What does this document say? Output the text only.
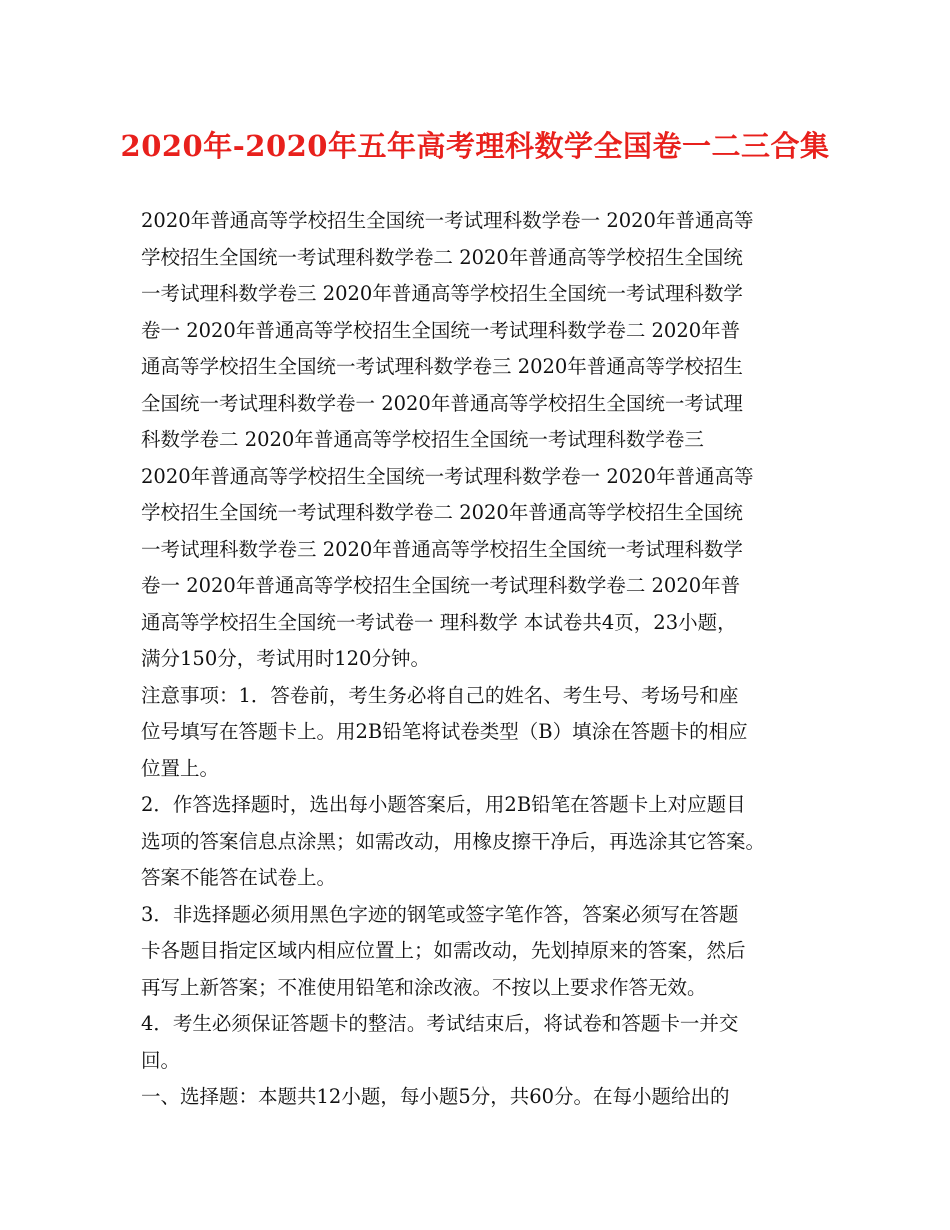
2020年-2020年五年高考理科数学全国卷一二三合集
2020年普通高等学校招生全国统一考试理科数学卷一 2020年普通高等
学校招生全国统一考试理科数学卷二 2020年普通高等学校招生全国统
一考试理科数学卷三 2020年普通高等学校招生全国统一考试理科数学
卷一 2020年普通高等学校招生全国统一考试理科数学卷二 2020年普
通高等学校招生全国统一考试理科数学卷三 2020年普通高等学校招生
全国统一考试理科数学卷一 2020年普通高等学校招生全国统一考试理
科数学卷二 2020年普通高等学校招生全国统一考试理科数学卷三
2020年普通高等学校招生全国统一考试理科数学卷一 2020年普通高等
学校招生全国统一考试理科数学卷二 2020年普通高等学校招生全国统
一考试理科数学卷三 2020年普通高等学校招生全国统一考试理科数学
卷一 2020年普通高等学校招生全国统一考试理科数学卷二 2020年普
通高等学校招生全国统一考试卷一 理科数学 本试卷共4页，23小题，
满分150分，考试用时120分钟。
注意事项：1．答卷前，考生务必将自己的姓名、考生号、考场号和座
位号填写在答题卡上。用2B铅笔将试卷类型（B）填涂在答题卡的相应
位置上。
2．作答选择题时，选出每小题答案后，用2B铅笔在答题卡上对应题目
选项的答案信息点涂黑；如需改动，用橡皮擦干净后，再选涂其它答案。
答案不能答在试卷上。
3．非选择题必须用黑色字迹的钢笔或签字笔作答，答案必须写在答题
卡各题目指定区域内相应位置上；如需改动，先划掉原来的答案，然后
再写上新答案；不准使用铅笔和涂改液。不按以上要求作答无效。
4．考生必须保证答题卡的整洁。考试结束后，将试卷和答题卡一并交
回。
一、选择题：本题共12小题，每小题5分，共60分。在每小题给出的
